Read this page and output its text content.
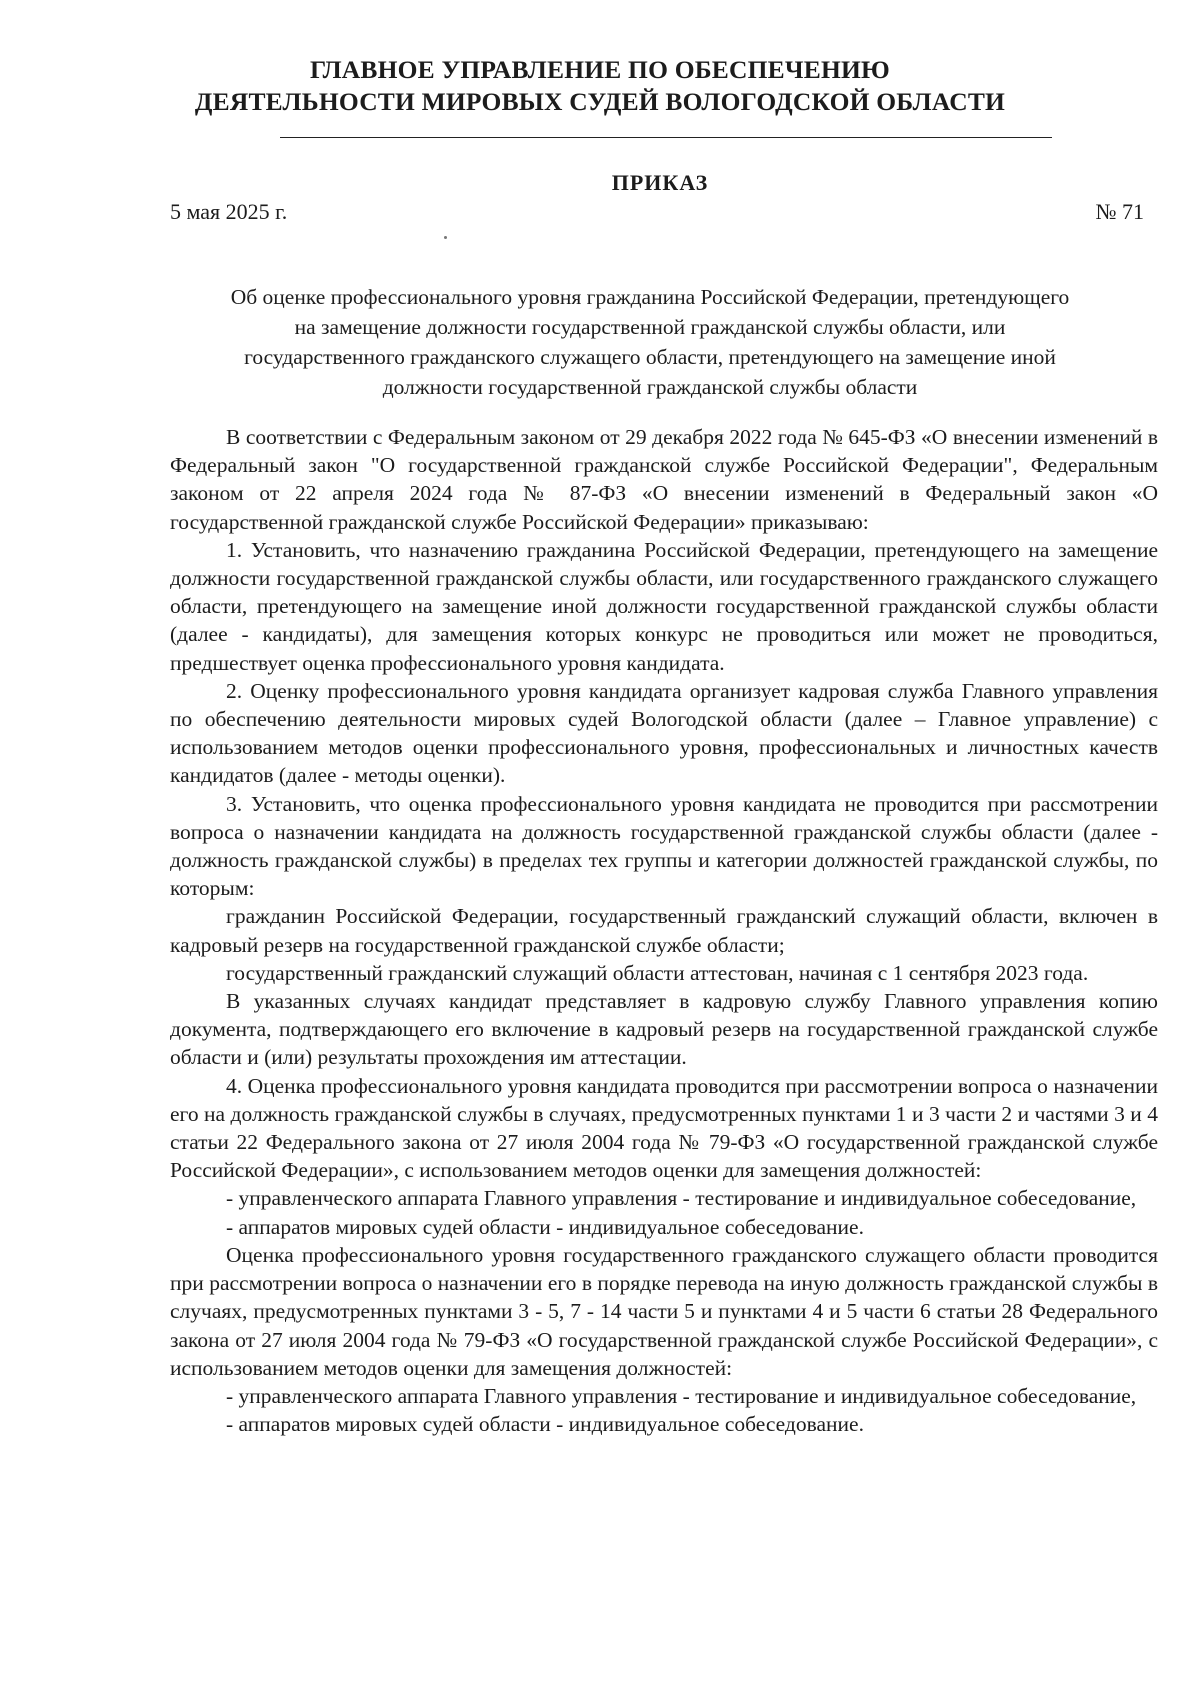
ГЛАВНОЕ УПРАВЛЕНИЕ ПО ОБЕСПЕЧЕНИЮ
ДЕЯТЕЛЬНОСТИ МИРОВЫХ СУДЕЙ ВОЛОГОДСКОЙ ОБЛАСТИ
ПРИКАЗ
5 мая 2025 г.	№ 71
Об оценке профессионального уровня гражданина Российской Федерации, претендующего
на замещение должности государственной гражданской службы области, или
государственного гражданского служащего области, претендующего на замещение иной
должности государственной гражданской службы области

В соответствии с Федеральным законом от 29 декабря 2022 года № 645-ФЗ «О внесении изменений в Федеральный закон "О государственной гражданской службе Российской Федерации", Федеральным законом от 22 апреля 2024 года № 87-ФЗ «О внесении изменений в Федеральный закон «О государственной гражданской службе Российской Федерации» приказываю:

1. Установить, что назначению гражданина Российской Федерации, претендующего на замещение должности государственной гражданской службы области, или государственного гражданского служащего области, претендующего на замещение иной должности государственной гражданской службы области (далее - кандидаты), для замещения которых конкурс не проводиться или может не проводиться, предшествует оценка профессионального уровня кандидата.

2. Оценку профессионального уровня кандидата организует кадровая служба Главного управления по обеспечению деятельности мировых судей Вологодской области (далее – Главное управление) с использованием методов оценки профессионального уровня, профессиональных и личностных качеств кандидатов (далее - методы оценки).

3. Установить, что оценка профессионального уровня кандидата не проводится при рассмотрении вопроса о назначении кандидата на должность государственной гражданской службы области (далее - должность гражданской службы) в пределах тех группы и категории должностей гражданской службы, по которым:

гражданин Российской Федерации, государственный гражданский служащий области, включен в кадровый резерв на государственной гражданской службе области;

государственный гражданский служащий области аттестован, начиная с 1 сентября 2023 года.

В указанных случаях кандидат представляет в кадровую службу Главного управления копию документа, подтверждающего его включение в кадровый резерв на государственной гражданской службе области и (или) результаты прохождения им аттестации.

4. Оценка профессионального уровня кандидата проводится при рассмотрении вопроса о назначении его на должность гражданской службы в случаях, предусмотренных пунктами 1 и 3 части 2 и частями 3 и 4 статьи 22 Федерального закона от 27 июля 2004 года № 79-ФЗ «О государственной гражданской службе Российской Федерации», с использованием методов оценки для замещения должностей:

- управленческого аппарата Главного управления - тестирование и индивидуальное собеседование,

- аппаратов мировых судей области - индивидуальное собеседование.

Оценка профессионального уровня государственного гражданского служащего области проводится при рассмотрении вопроса о назначении его в порядке перевода на иную должность гражданской службы в случаях, предусмотренных пунктами 3 - 5, 7 - 14 части 5 и пунктами 4 и 5 части 6 статьи 28 Федерального закона от 27 июля 2004 года № 79-ФЗ «О государственной гражданской службе Российской Федерации», с использованием методов оценки для замещения должностей:

- управленческого аппарата Главного управления - тестирование и индивидуальное собеседование,

- аппаратов мировых судей области - индивидуальное собеседование.
